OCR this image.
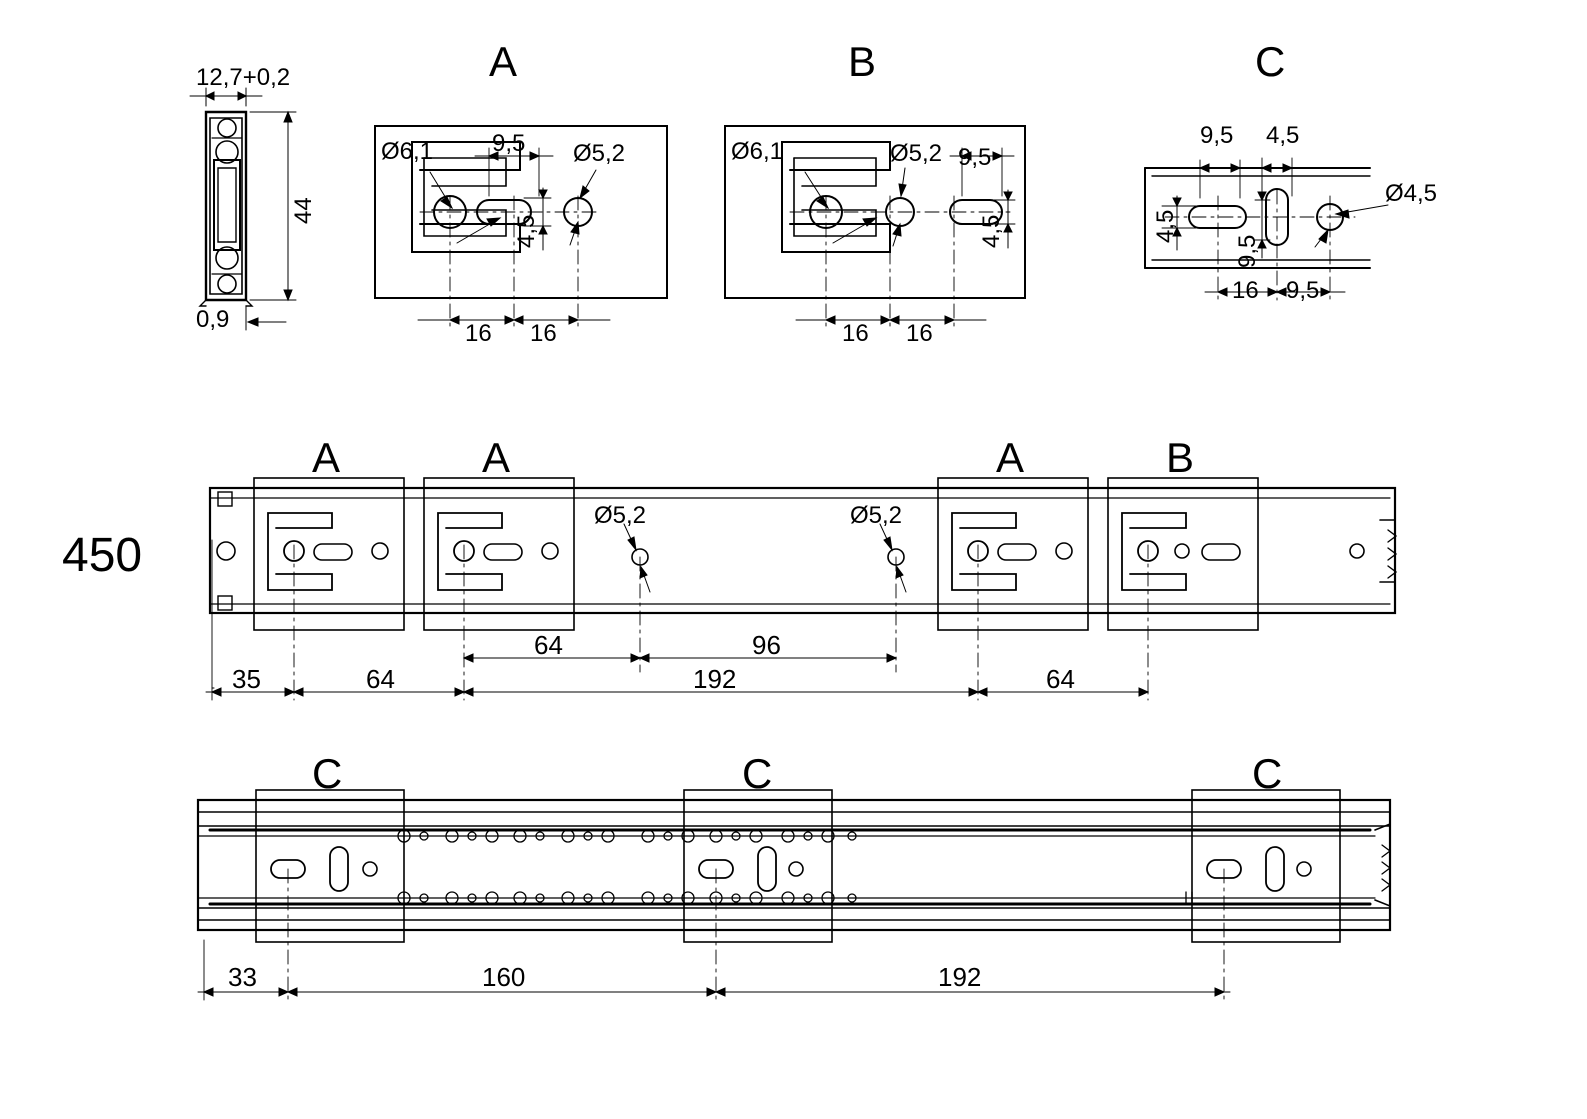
A	B	C
12,7+0,2
44
0,9
Ø6,1 9,5 Ø5,2
4,5
16 16
Ø6,1	Ø5,2 9,5
4,5
16 16
9,5 4,5
4,5
9,5
Ø4,5
16 9,5
450
A	A	A	B
Ø5,2	Ø5,2
35	64
64	96
192	64
C	C	C
33	160	192
